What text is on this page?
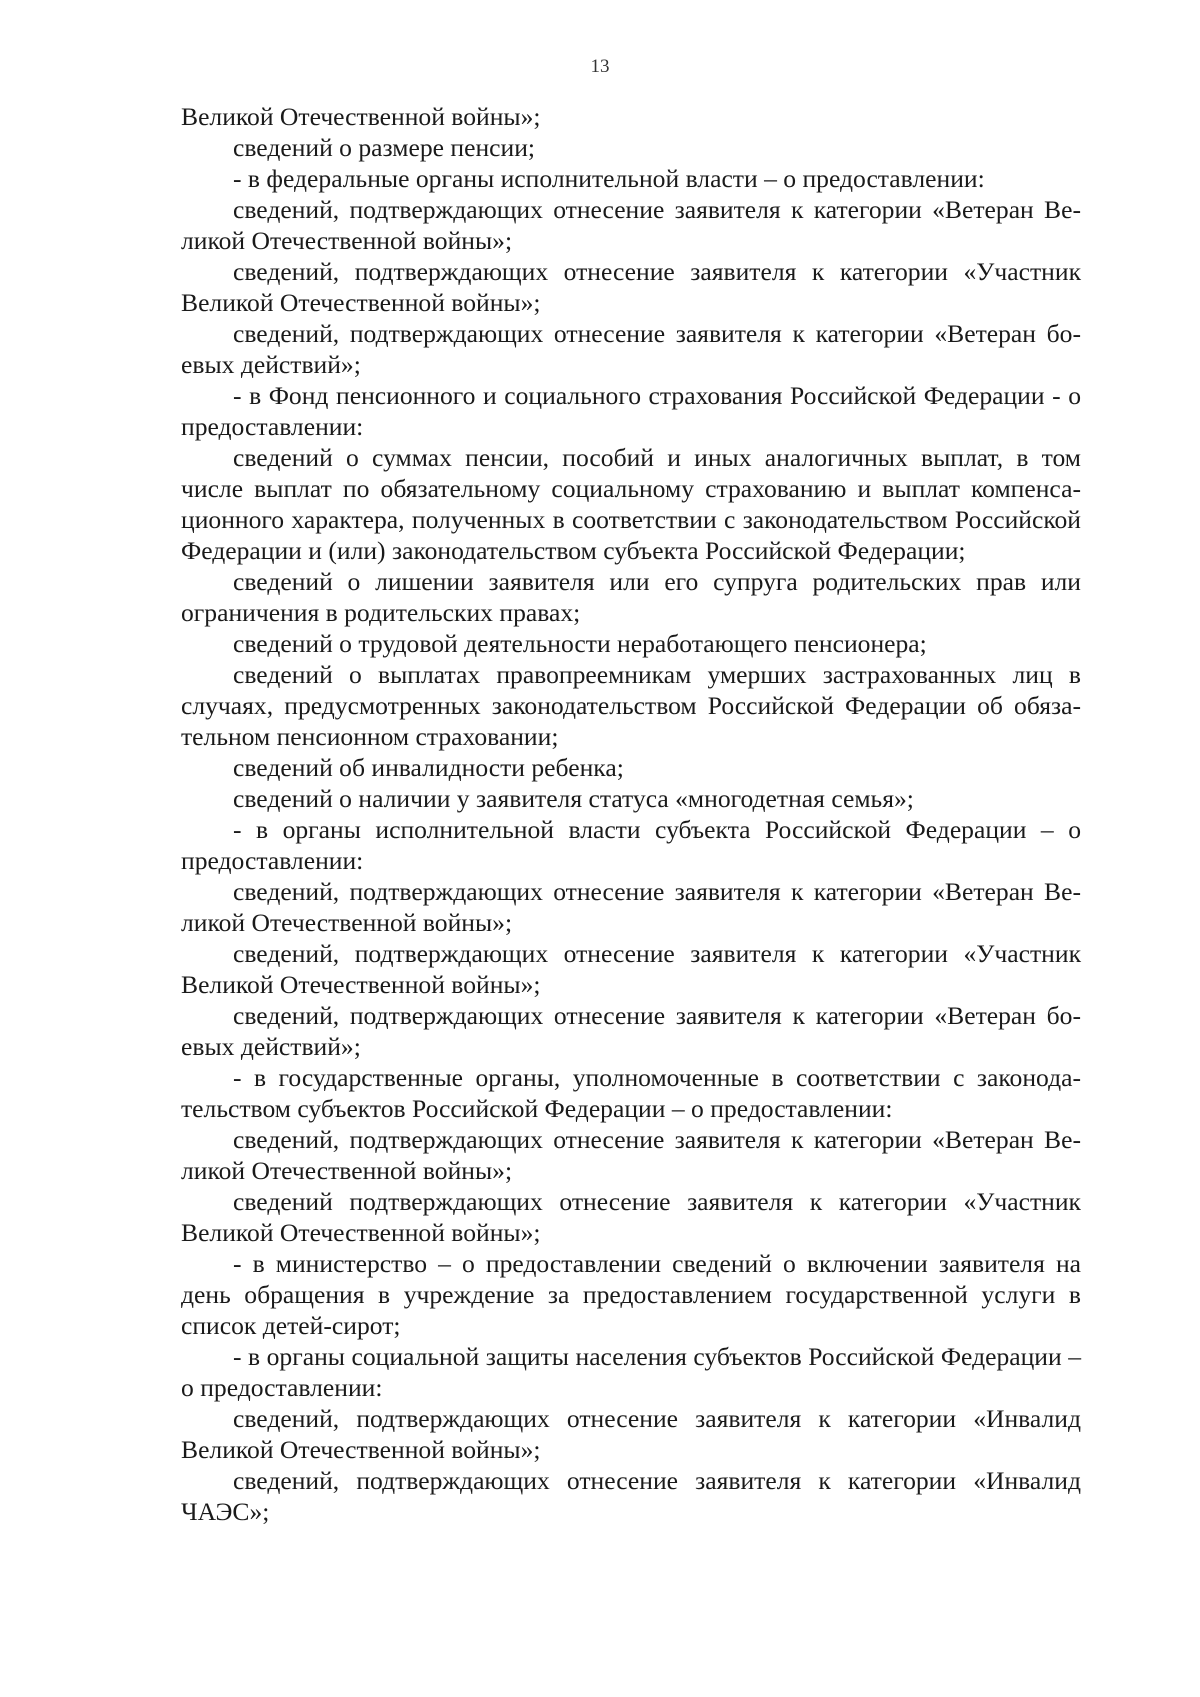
13

Великой Отечественной войны»;

сведений о размере пенсии;

- в федеральные органы исполнительной власти – о предоставлении:

сведений, подтверждающих отнесение заявителя к категории «Ветеран Великой Отечественной войны»;

сведений, подтверждающих отнесение заявителя к категории «Участник Великой Отечественной войны»;

сведений, подтверждающих отнесение заявителя к категории «Ветеран боевых действий»;

- в Фонд пенсионного и социального страхования Российской Федерации - о предоставлении:

сведений о суммах пенсии, пособий и иных аналогичных выплат, в том числе выплат по обязательному социальному страхованию и выплат компенсационного характера, полученных в соответствии с законодательством Российской Федерации и (или) законодательством субъекта Российской Федерации;

сведений о лишении заявителя или его супруга родительских прав или ограничения в родительских правах;

сведений о трудовой деятельности неработающего пенсионера;

сведений о выплатах правопреемникам умерших застрахованных лиц в случаях, предусмотренных законодательством Российской Федерации об обязательном пенсионном страховании;

сведений об инвалидности ребенка;

сведений о наличии у заявителя статуса «многодетная семья»;

- в органы исполнительной власти субъекта Российской Федерации – о предоставлении:

сведений, подтверждающих отнесение заявителя к категории «Ветеран Великой Отечественной войны»;

сведений, подтверждающих отнесение заявителя к категории «Участник Великой Отечественной войны»;

сведений, подтверждающих отнесение заявителя к категории «Ветеран боевых действий»;

- в государственные органы, уполномоченные в соответствии с законодательством субъектов Российской Федерации – о предоставлении:

сведений, подтверждающих отнесение заявителя к категории «Ветеран Великой Отечественной войны»;

сведений подтверждающих отнесение заявителя к категории «Участник Великой Отечественной войны»;

- в министерство – о предоставлении сведений о включении заявителя на день обращения в учреждение за предоставлением государственной услуги в список детей-сирот;

- в органы социальной защиты населения субъектов Российской Федерации – о предоставлении:

сведений, подтверждающих отнесение заявителя к категории «Инвалид Великой Отечественной войны»;

сведений, подтверждающих отнесение заявителя к категории «Инвалид ЧАЭС»;
